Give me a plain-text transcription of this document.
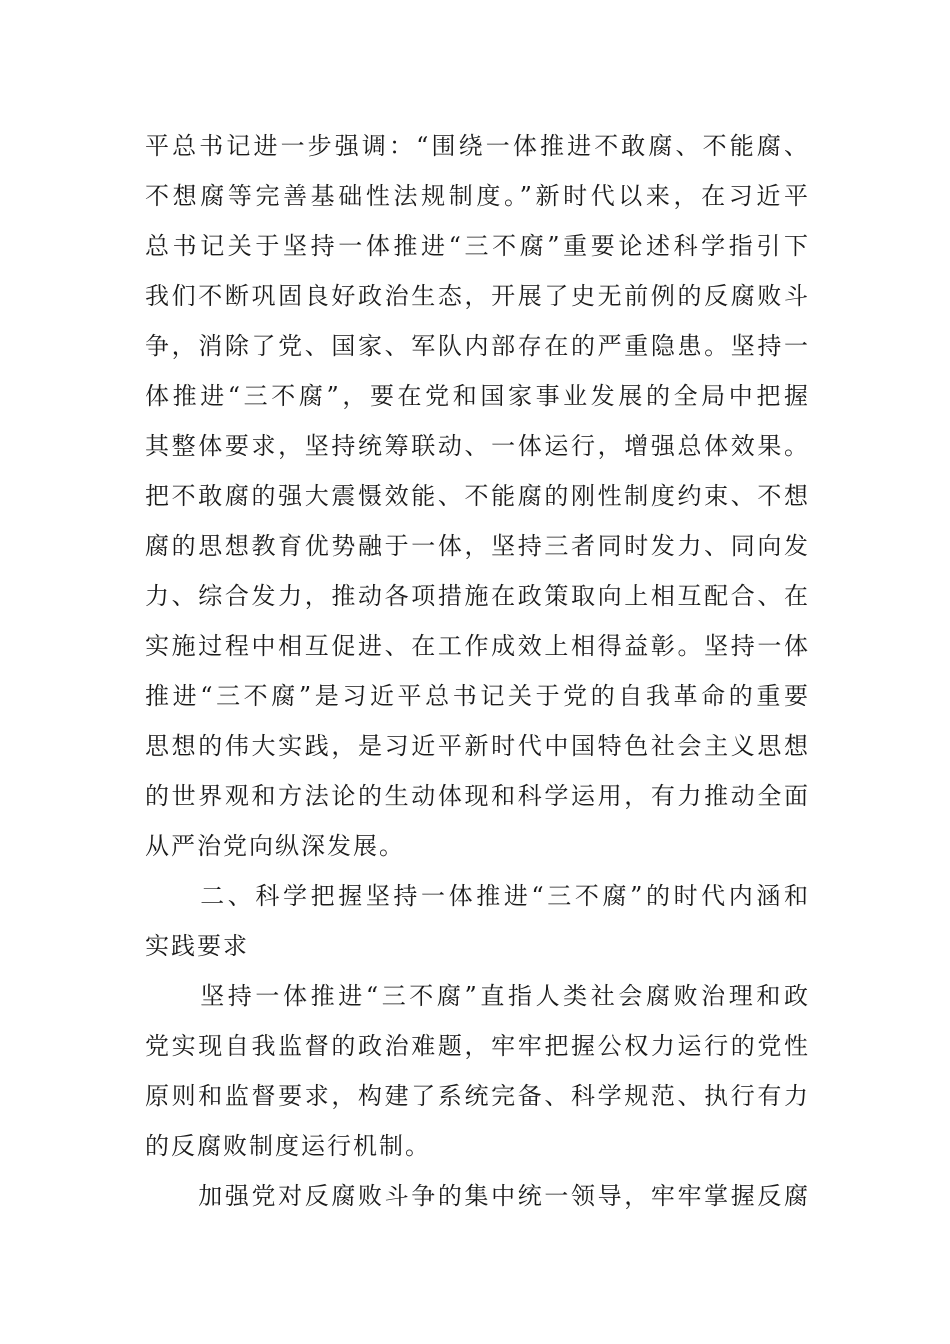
平总书记进一步强调：“围绕一体推进不敢腐、不能腐、
不想腐等完善基础性法规制度。”新时代以来，在习近平
总书记关于坚持一体推进“三不腐”重要论述科学指引下
我们不断巩固良好政治生态，开展了史无前例的反腐败斗
争，消除了党、国家、军队内部存在的严重隐患。坚持一
体推进“三不腐”，要在党和国家事业发展的全局中把握
其整体要求，坚持统筹联动、一体运行，增强总体效果。
把不敢腐的强大震慑效能、不能腐的刚性制度约束、不想
腐的思想教育优势融于一体，坚持三者同时发力、同向发
力、综合发力，推动各项措施在政策取向上相互配合、在
实施过程中相互促进、在工作成效上相得益彰。坚持一体
推进“三不腐”是习近平总书记关于党的自我革命的重要
思想的伟大实践，是习近平新时代中国特色社会主义思想
的世界观和方法论的生动体现和科学运用，有力推动全面
从严治党向纵深发展。
　　二、科学把握坚持一体推进“三不腐”的时代内涵和
实践要求
　　坚持一体推进“三不腐”直指人类社会腐败治理和政
党实现自我监督的政治难题，牢牢把握公权力运行的党性
原则和监督要求，构建了系统完备、科学规范、执行有力
的反腐败制度运行机制。
　　加强党对反腐败斗争的集中统一领导，牢牢掌握反腐
